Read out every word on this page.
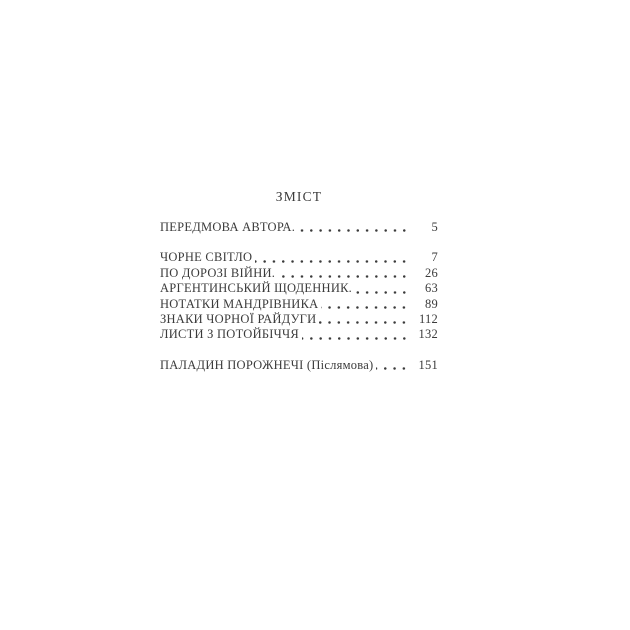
ЗМІСТ
ПЕРЕДМОВА АВТОРА.	5
ЧОРНЕ СВІТЛО	7
ПО ДОРОЗІ ВІЙНИ.	26
АРГЕНТИНСЬКИЙ ЩОДЕННИК.	63
НОТАТКИ МАНДРІВНИКА	89
ЗНАКИ ЧОРНОЇ РАЙДУГИ	112
ЛИСТИ З ПОТОЙБІЧЧЯ	132
ПАЛАДИН ПОРОЖНЕЧІ (Післямова)	151
